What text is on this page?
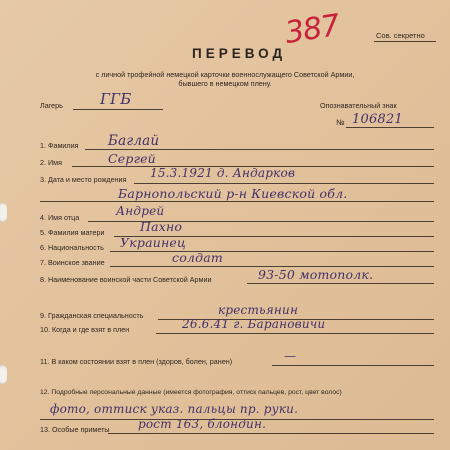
Сов. секретно
387
ПЕРЕВОД
с личной трофейной немецкой карточки военнослужащего Советской Армии,
бывшего в немецком плену.
Лагерь ГГБ	Опознавательный знак
№ 106821
1. Фамилия Баглай
2. Имя	Сергей
3. Дата и место рождения 15.3.1921 д. Андарков
Барнопольский р-н Киевской обл.
4. Имя отца	Андрей
5. Фамилия матери	Пахно
6. Национальность Украинец
7. Воинское звание	солдат
8. Наименование воинской части Советской Армии	93-50 мотополк.
9. Гражданская специальность	крестьянин
10. Когда и где взят в плен	26.6.41 г. Барановичи
11. В каком состоянии взят в плен (здоров, болен, ранен)	—
12. Подробные персональные данные (имеется фотография, оттиск пальцев, рост, цвет волос)
фото, оттиск указ. пальцы пр. руки.
13. Особые приметы рост 163, блондин.
